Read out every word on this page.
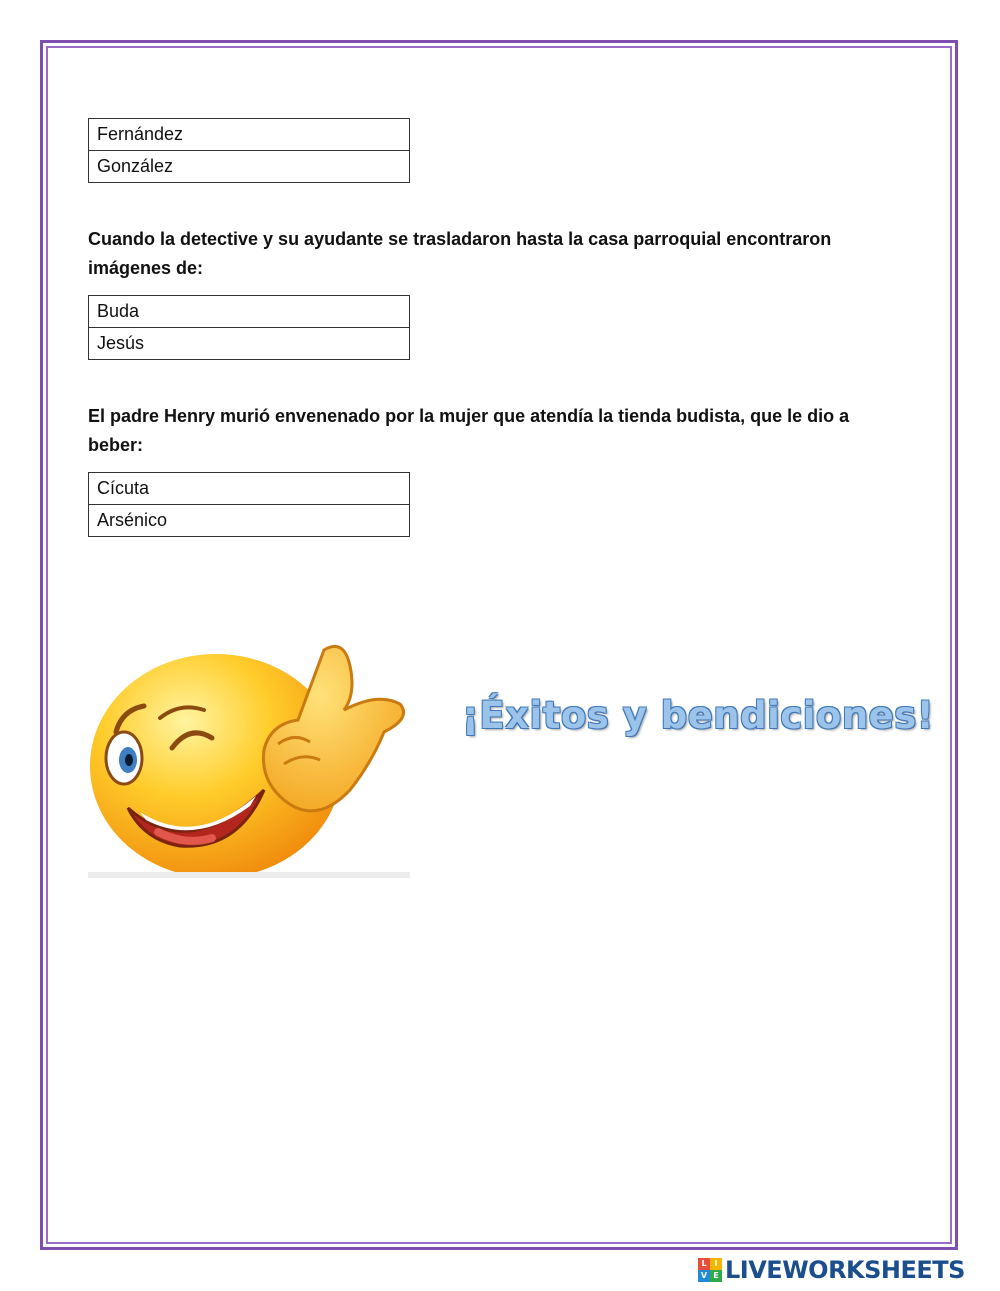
Fernández
González

Cuando la detective y su ayudante se trasladaron hasta la casa parroquial encontraron imágenes de:

Buda
Jesús

El padre Henry murió envenenado por la mujer que atendía la tienda budista, que le dio a beber:

Cícuta
Arsénico

¡Éxitos y bendiciones!

L I
V E LIVEWORKSHEETS
